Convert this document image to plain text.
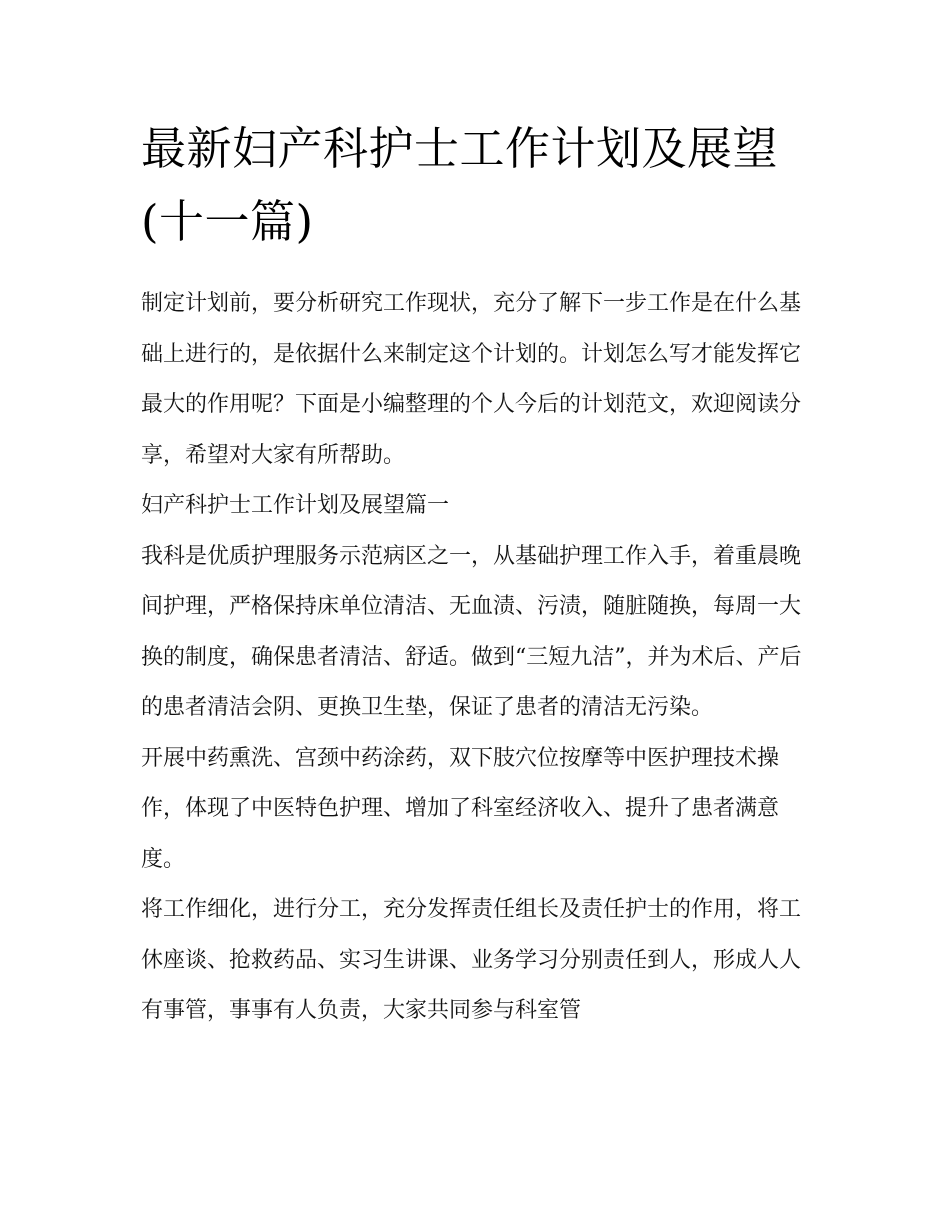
最新妇产科护士工作计划及展望(十一篇)

制定计划前，要分析研究工作现状，充分了解下一步工作是在什么基础上进行的，是依据什么来制定这个计划的。计划怎么写才能发挥它最大的作用呢？下面是小编整理的个人今后的计划范文，欢迎阅读分享，希望对大家有所帮助。

妇产科护士工作计划及展望篇一

我科是优质护理服务示范病区之一，从基础护理工作入手，着重晨晚间护理，严格保持床单位清洁、无血渍、污渍，随脏随换，每周一大换的制度，确保患者清洁、舒适。做到“三短九洁”，并为术后、产后的患者清洁会阴、更换卫生垫，保证了患者的清洁无污染。

开展中药熏洗、宫颈中药涂药，双下肢穴位按摩等中医护理技术操作，体现了中医特色护理、增加了科室经济收入、提升了患者满意度。

将工作细化，进行分工，充分发挥责任组长及责任护士的作用，将工休座谈、抢救药品、实习生讲课、业务学习分别责任到人，形成人人有事管，事事有人负责，大家共同参与科室管
